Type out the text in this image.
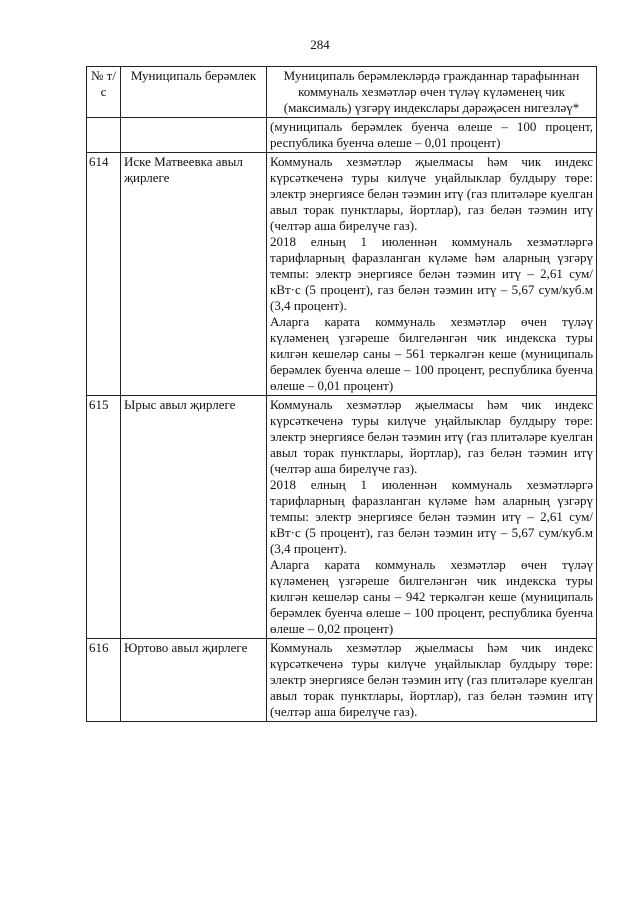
284
№ т/с	Муниципаль берәмлек	Муниципаль берәмлекләрдә гражданнар тарафыннан коммуналь хезмәтләр өчен түләү күләменең чик (максималь) үзгәрү индекслары дәрәҗәсен нигезләү*
		(муниципаль берәмлек буенча өлеше – 100 процент, республика буенча өлеше – 0,01 процент)
614	Иске Матвеевка авыл җирлеге	Коммуналь хезмәтләр җыелмасы һәм чик индекс күрсәткеченә туры килүче уңайлыклар булдыру төре: электр энергиясе белән тәэмин итү (газ плитәләре куелган авыл торак пунктлары, йортлар), газ белән тәэмин итү (челтәр аша бирелүче газ).

2018 елның 1 июленнән коммуналь хезмәтләргә тарифларның фаразланган күләме һәм аларның үзгәрү темпы: электр энергиясе белән тәэмин итү – 2,61 сум/кВт·с (5 процент), газ белән тәэмин итү – 5,67 сум/куб.м (3,4 процент).

Аларга карата коммуналь хезмәтләр өчен түләү күләменең үзгәреше билгеләнгән чик индекска туры килгән кешеләр саны – 561 теркәлгән кеше (муниципаль берәмлек буенча өлеше – 100 процент, республика буенча өлеше – 0,01 процент)

615	Ырыс авыл җирлеге	Коммуналь хезмәтләр җыелмасы һәм чик индекс күрсәткеченә туры килүче уңайлыклар булдыру төре: электр энергиясе белән тәэмин итү (газ плитәләре куелган авыл торак пунктлары, йортлар), газ белән тәэмин итү (челтәр аша бирелүче газ).

2018 елның 1 июленнән коммуналь хезмәтләргә тарифларның фаразланган күләме һәм аларның үзгәрү темпы: электр энергиясе белән тәэмин итү – 2,61 сум/кВт·с (5 процент), газ белән тәэмин итү – 5,67 сум/куб.м (3,4 процент).

Аларга карата коммуналь хезмәтләр өчен түләү күләменең үзгәреше билгеләнгән чик индекска туры килгән кешеләр саны – 942 теркәлгән кеше (муниципаль берәмлек буенча өлеше – 100 процент, республика буенча өлеше – 0,02 процент)

616	Юртово авыл җирлеге	Коммуналь хезмәтләр җыелмасы һәм чик индекс күрсәткеченә туры килүче уңайлыклар булдыру төре: электр энергиясе белән тәэмин итү (газ плитәләре куелган авыл торак пунктлары, йортлар), газ белән тәэмин итү (челтәр аша бирелүче газ).
